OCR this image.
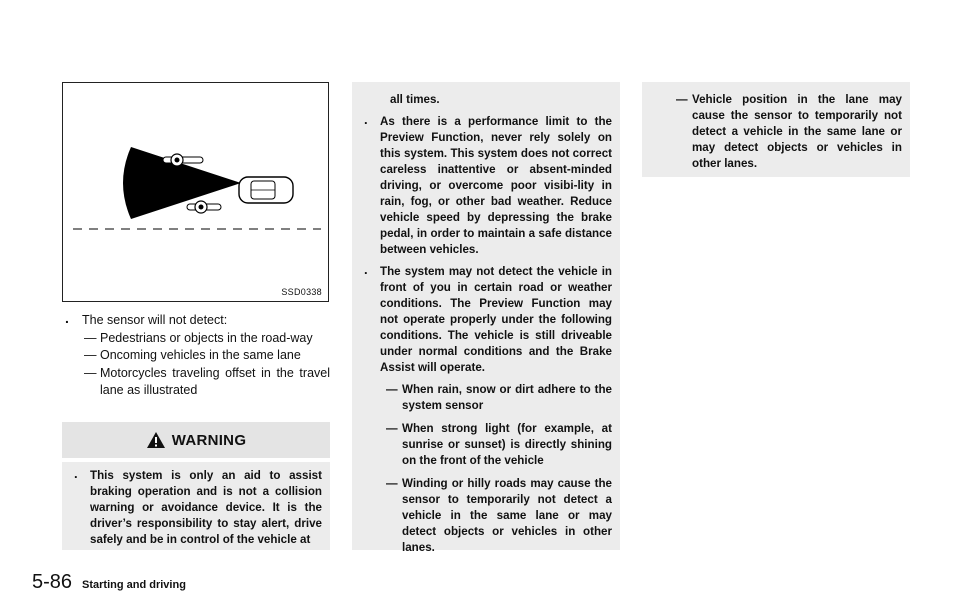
SSD0338
. The sensor will not detect:
— Pedestrians or objects in the road-way
— Oncoming vehicles in the same lane
— Motorcycles traveling offset in the travel lane as illustrated
WARNING
. This system is only an aid to assist braking operation and is not a collision warning or avoidance device. It is the driver’s responsibility to stay alert, drive safely and be in control of the vehicle at
all times.
. As there is a performance limit to the Preview Function, never rely solely on this system. This system does not correct careless inattentive or absent-minded driving, or overcome poor visibi-lity in rain, fog, or other bad weather. Reduce vehicle speed by depressing the brake pedal, in order to maintain a safe distance between vehicles.
. The system may not detect the vehicle in front of you in certain road or weather conditions. The Preview Function may not operate properly under the following conditions. The vehicle is still driveable under normal conditions and the Brake Assist will operate.
— When rain, snow or dirt adhere to the system sensor
— When strong light (for example, at sunrise or sunset) is directly shining on the front of the vehicle
— Winding or hilly roads may cause the sensor to temporarily not detect a vehicle in the same lane or may detect objects or vehicles in other lanes.
— Vehicle position in the lane may cause the sensor to temporarily not detect a vehicle in the same lane or may detect objects or vehicles in other lanes.
5-86 Starting and driving
